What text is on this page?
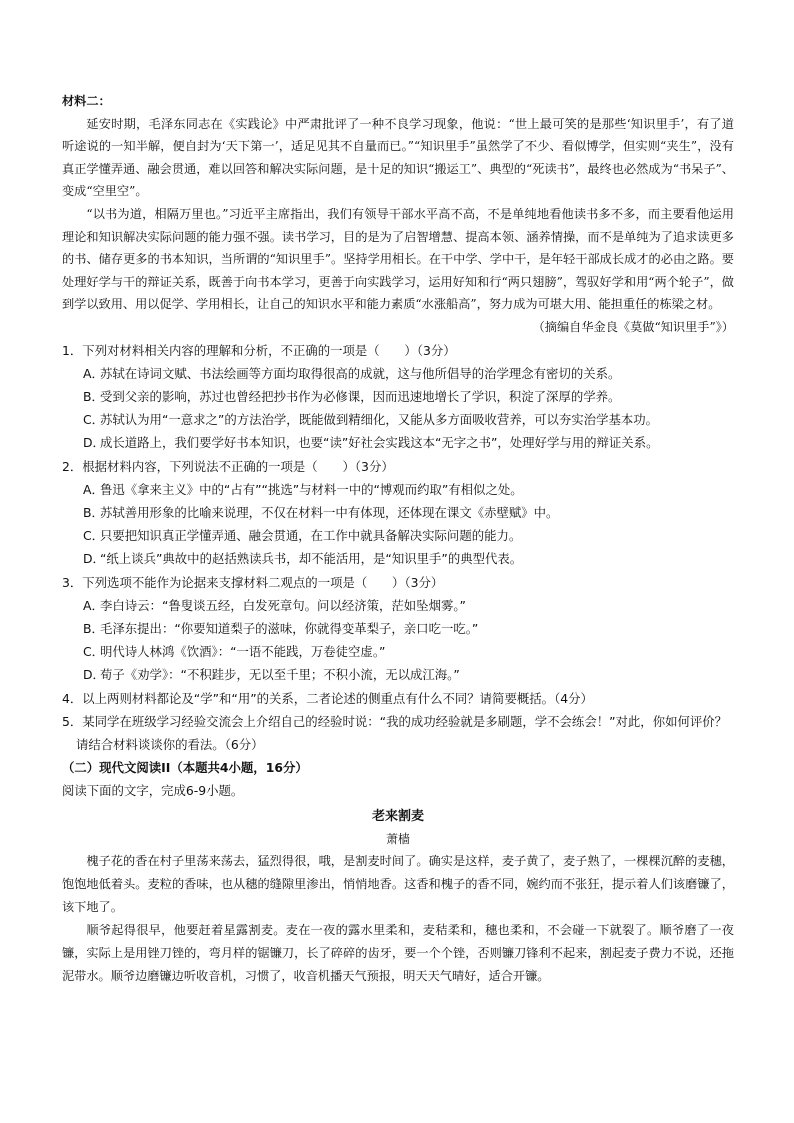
材料二：

延安时期，毛泽东同志在《实践论》中严肃批评了一种不良学习现象，他说：“世上最可笑的是那些‘知识里手’，有了道听途说的一知半解，便自封为‘天下第一’，适足见其不自量而已。”“知识里手”虽然学了不少、看似博学，但实则“夹生”，没有真正学懂弄通、融会贯通，难以回答和解决实际问题，是十足的知识“搬运工”、典型的“死读书”，最终也必然成为“书呆子”、变成“空里空”。

“以书为道，相隔万里也。”习近平主席指出，我们有领导干部水平高不高，不是单纯地看他读书多不多，而主要看他运用理论和知识解决实际问题的能力强不强。读书学习，目的是为了启智增慧、提高本领、涵养情操，而不是单纯为了追求读更多的书、储存更多的书本知识，当所谓的“知识里手”。坚持学用相长。在干中学、学中干，是年轻干部成长成才的必由之路。要处理好学与干的辩证关系，既善于向书本学习，更善于向实践学习，运用好知和行“两只翅膀”，驾驭好学和用“两个轮子”，做到学以致用、用以促学、学用相长，让自己的知识水平和能力素质“水涨船高”，努力成为可堪大用、能担重任的栋梁之材。

（摘编自华金良《莫做“知识里手”》）

1．下列对材料相关内容的理解和分析，不正确的一项是（　　）（3分）

A．苏轼在诗词文赋、书法绘画等方面均取得很高的成就，这与他所倡导的治学理念有密切的关系。

B．受到父亲的影响，苏过也曾经把抄书作为必修课，因而迅速地增长了学识，积淀了深厚的学养。

C．苏轼认为用“一意求之”的方法治学，既能做到精细化，又能从多方面吸收营养，可以夯实治学基本功。

D．成长道路上，我们要学好书本知识，也要“读”好社会实践这本“无字之书”，处理好学与用的辩证关系。

2．根据材料内容，下列说法不正确的一项是（　　）（3分）

A．鲁迅《拿来主义》中的“占有”“挑选”与材料一中的“博观而约取”有相似之处。

B．苏轼善用形象的比喻来说理，不仅在材料一中有体现，还体现在课文《赤壁赋》中。

C．只要把知识真正学懂弄通、融会贯通，在工作中就具备解决实际问题的能力。

D．“纸上谈兵”典故中的赵括熟读兵书，却不能活用，是“知识里手”的典型代表。

3．下列选项不能作为论据来支撑材料二观点的一项是（　　）（3分）

A．李白诗云：“鲁叟谈五经，白发死章句。问以经济策，茫如坠烟雾。”

B．毛泽东提出：“你要知道梨子的滋味，你就得变革梨子，亲口吃一吃。”

C．明代诗人林鸿《饮酒》：“一语不能践，万卷徒空虚。”

D．荀子《劝学》：“不积跬步，无以至千里；不积小流，无以成江海。”

4．以上两则材料都论及“学”和“用”的关系，二者论述的侧重点有什么不同？请简要概括。（4分）

5．某同学在班级学习经验交流会上介绍自己的经验时说：“我的成功经验就是多刷题，学不会练会！”对此，你如何评价？请结合材料谈谈你的看法。（6分）

（二）现代文阅读II（本题共4小题，16分）

阅读下面的文字，完成6-9小题。

老来割麦

萧樯

槐子花的香在村子里荡来荡去，猛烈得很，哦，是割麦时间了。确实是这样，麦子黄了，麦子熟了，一棵棵沉醉的麦穗，饱饱地低着头。麦粒的香味，也从穗的缝隙里渗出，悄悄地香。这香和槐子的香不同，婉约而不张狂，提示着人们该磨镰了，该下地了。

顺爷起得很早，他要赶着星露割麦。麦在一夜的露水里柔和，麦秸柔和，穗也柔和，不会碰一下就裂了。顺爷磨了一夜镰，实际上是用锉刀锉的，弯月样的锯镰刀，长了碎碎的齿牙，要一个个锉，否则镰刀锋利不起来，割起麦子费力不说，还拖泥带水。顺爷边磨镰边听收音机，习惯了，收音机播天气预报，明天天气晴好，适合开镰。
